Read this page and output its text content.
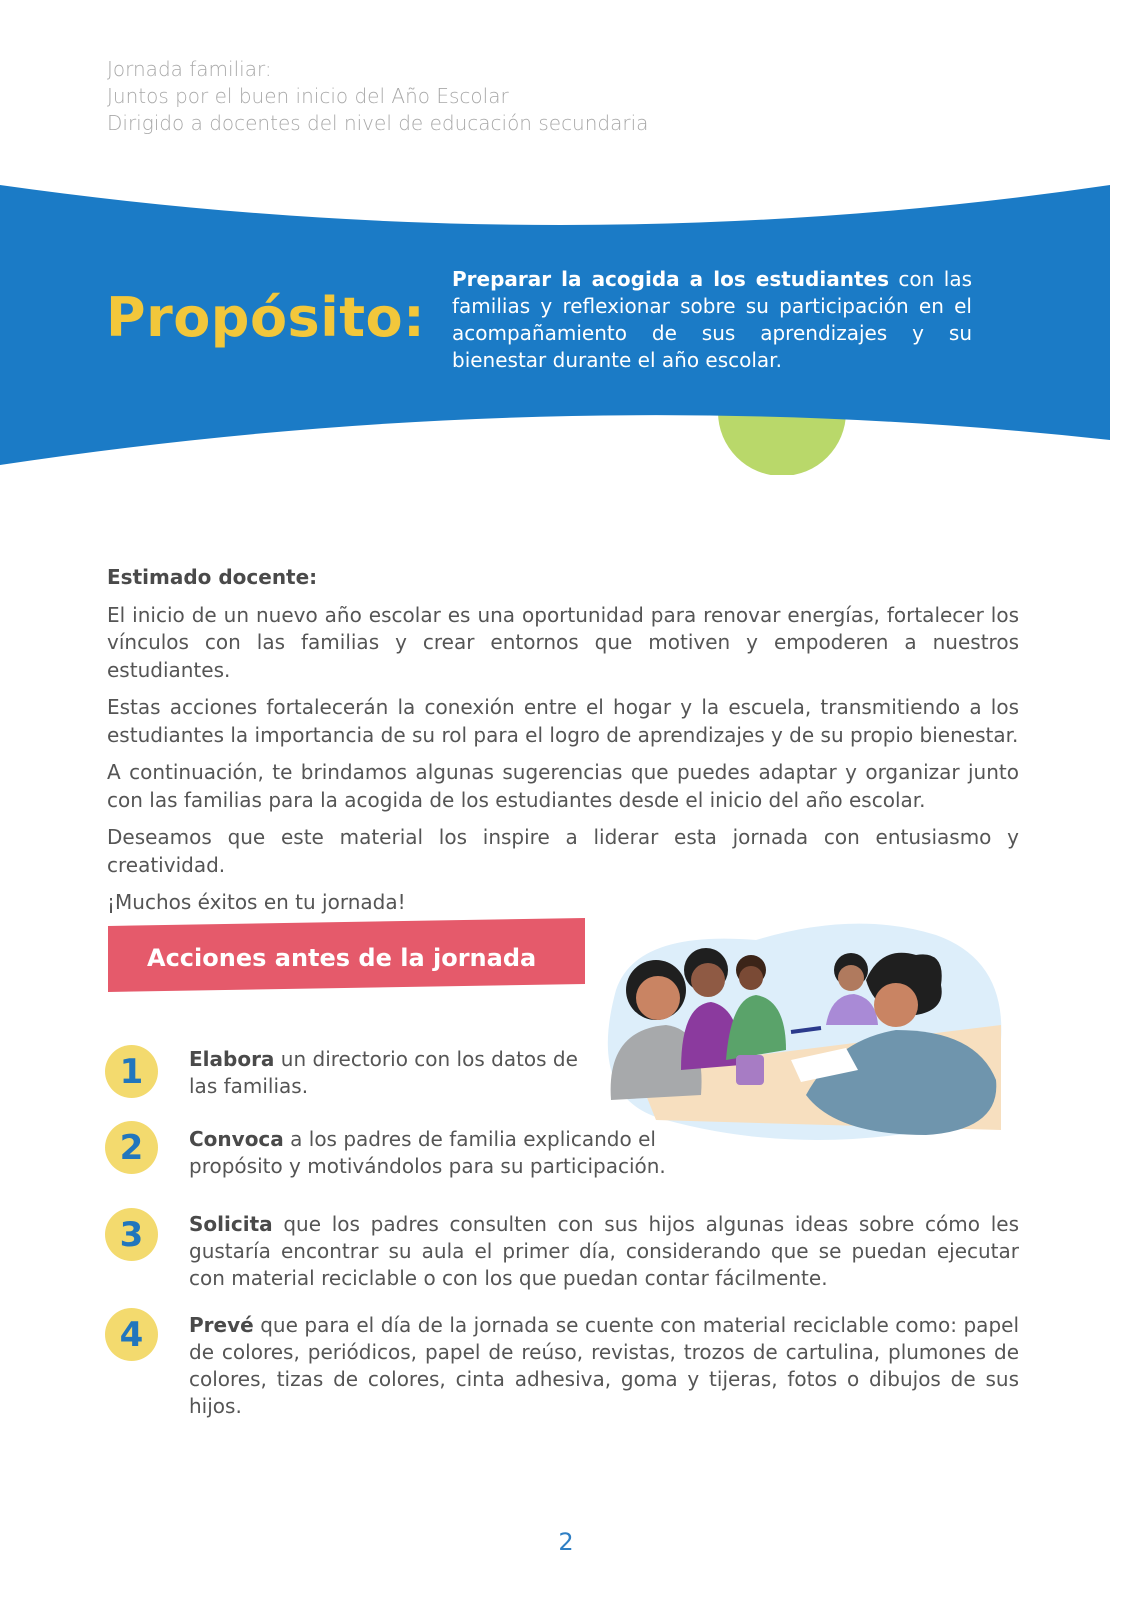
Jornada familiar:
Juntos por el buen inicio del Año Escolar
Dirigido a docentes del nivel de educación secundaria
Propósito:
Preparar la acogida a los estudiantes con las familias y reflexionar sobre su participación en el acompañamiento de sus aprendizajes y su bienestar durante el año escolar.
Estimado docente:

El inicio de un nuevo año escolar es una oportunidad para renovar energías, fortalecer los vínculos con las familias y crear entornos que motiven y empoderen a nuestros estudiantes.

Estas acciones fortalecerán la conexión entre el hogar y la escuela, transmitiendo a los estudiantes la importancia de su rol para el logro de aprendizajes y de su propio bienestar.

A continuación, te brindamos algunas sugerencias que puedes adaptar y organizar junto con las familias para la acogida de los estudiantes desde el inicio del año escolar.

Deseamos que este material los inspire a liderar esta jornada con entusiasmo y creatividad.

¡Muchos éxitos en tu jornada!

Acciones antes de la jornada
1	Elabora un directorio con los datos de las familias.
2	Convoca a los padres de familia explicando el propósito y motivándolos para su participación.
3	Solicita que los padres consulten con sus hijos algunas ideas sobre cómo les gustaría encontrar su aula el primer día, considerando que se puedan ejecutar con material reciclable o con los que puedan contar fácilmente.
4	Prevé que para el día de la jornada se cuente con material reciclable como: papel de colores, periódicos, papel de reúso, revistas, trozos de cartulina, plumones de colores, tizas de colores, cinta adhesiva, goma y tijeras, fotos o dibujos de sus hijos.
2
